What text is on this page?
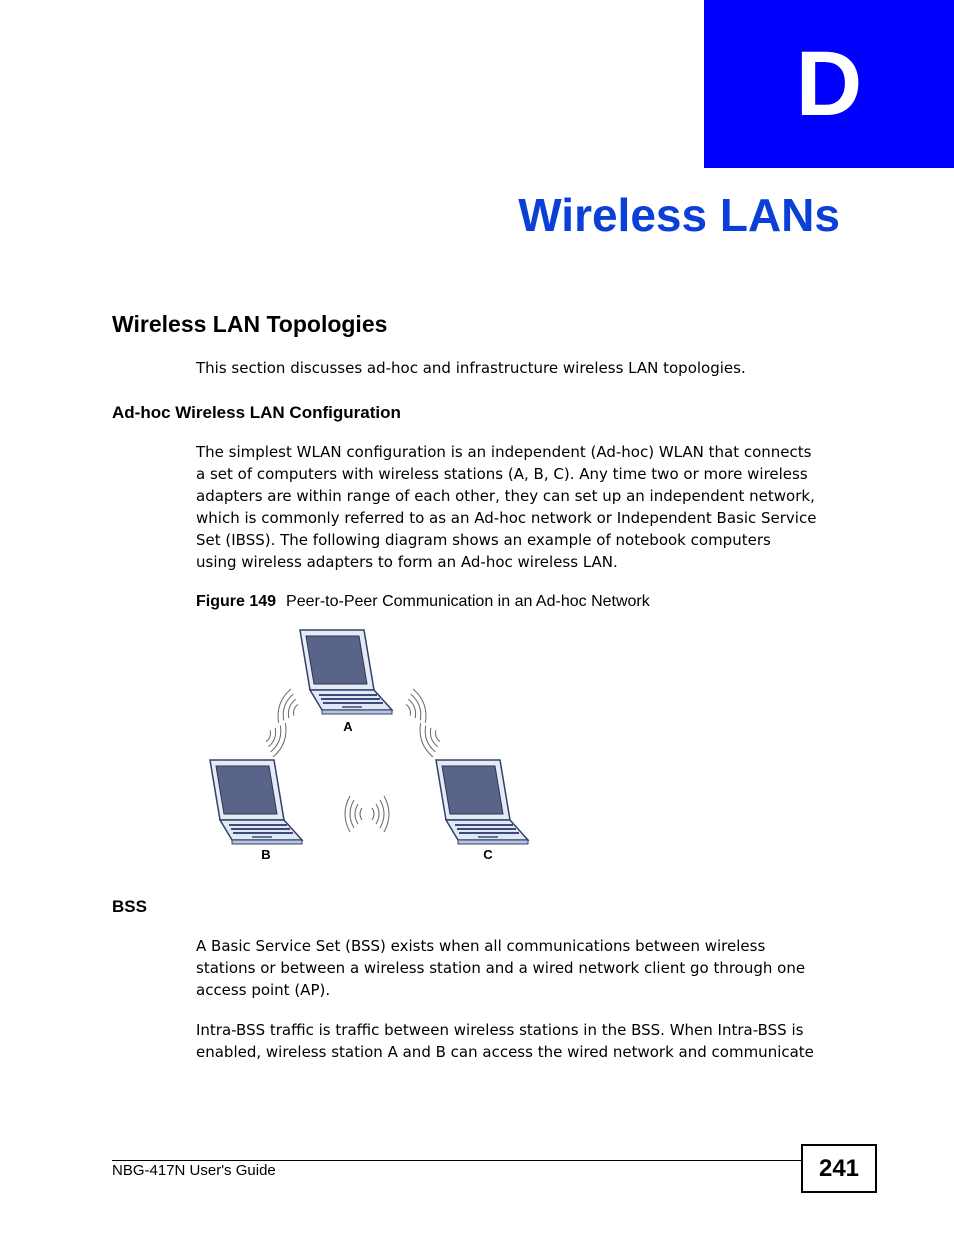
D
Wireless LANs
Wireless LAN Topologies
This section discusses ad-hoc and infrastructure wireless LAN topologies.
Ad-hoc Wireless LAN Configuration
The simplest WLAN configuration is an independent (Ad-hoc) WLAN that connects
a set of computers with wireless stations (A, B, C). Any time two or more wireless
adapters are within range of each other, they can set up an independent network,
which is commonly referred to as an Ad-hoc network or Independent Basic Service
Set (IBSS). The following diagram shows an example of notebook computers
using wireless adapters to form an Ad-hoc wireless LAN.
Figure 149 Peer-to-Peer Communication in an Ad-hoc Network
A
B	C
BSS
A Basic Service Set (BSS) exists when all communications between wireless
stations or between a wireless station and a wired network client go through one
access point (AP).
Intra-BSS traffic is traffic between wireless stations in the BSS. When Intra-BSS is
enabled, wireless station A and B can access the wired network and communicate
NBG-417N User's Guide	241
